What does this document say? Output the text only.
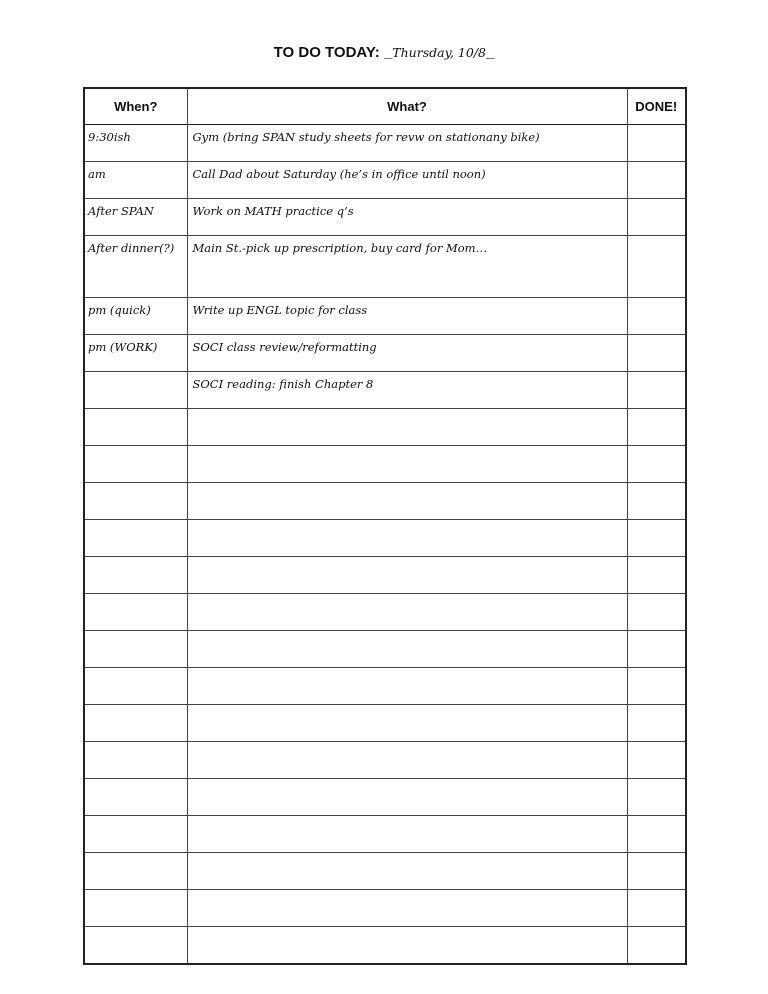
TO DO TODAY: _Thursday, 10/8_
When?	What?	DONE!
9:30ish	Gym (bring SPAN study sheets for revw on stationany bike)	
am	Call Dad about Saturday (he’s in office until noon)	
After SPAN	Work on MATH practice q’s	
After dinner(?)	Main St.-pick up prescription, buy card for Mom…	
pm (quick)	Write up ENGL topic for class	
pm (WORK)	SOCI class review/reformatting	
	SOCI reading: finish Chapter 8	
